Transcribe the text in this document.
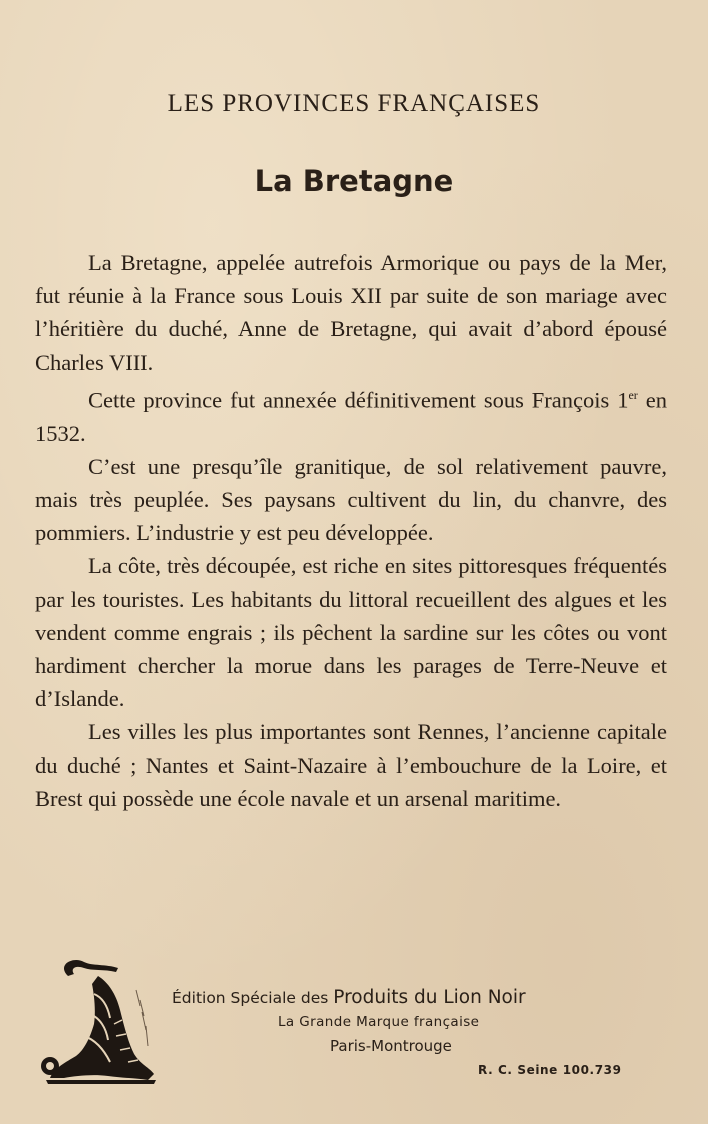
LES PROVINCES FRANÇAISES
La Bretagne

La Bretagne, appelée autrefois Armorique ou pays de la Mer, fut réunie à la France sous Louis XII par suite de son mariage avec l’héritière du duché, Anne de Bretagne, qui avait d’abord épousé Charles VIII.

Cette province fut annexée définitivement sous François 1er en 1532.

C’est une presqu’île granitique, de sol relativement pauvre, mais très peuplée. Ses paysans cultivent du lin, du chanvre, des pommiers. L’industrie y est peu développée.

La côte, très découpée, est riche en sites pittoresques fréquentés par les touristes. Les habitants du littoral recueillent des algues et les vendent comme engrais ; ils pêchent la sardine sur les côtes ou vont hardiment chercher la morue dans les parages de Terre-Neuve et d’Islande.

Les villes les plus importantes sont Rennes, l’ancienne capitale du duché ; Nantes et Saint-Nazaire à l’embouchure de la Loire, et Brest qui possède une école navale et un arsenal maritime.

Édition Spéciale des Produits du Lion Noir
La Grande Marque française
Paris-Montrouge
R. C. Seine 100.739
